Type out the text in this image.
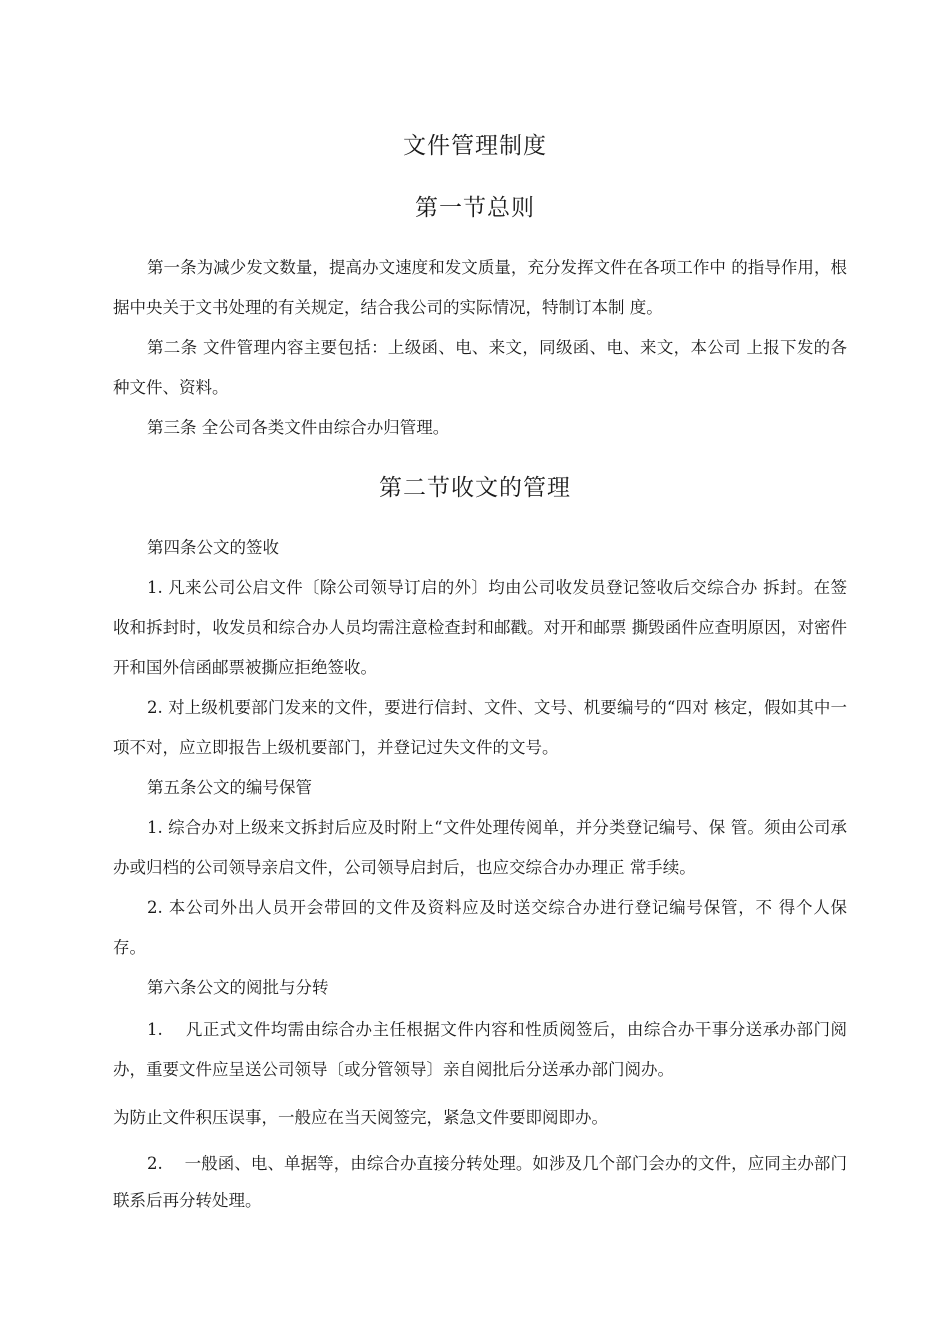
文件管理制度
第一节总则
第一条为减少发文数量，提高办文速度和发文质量，充分发挥文件在各项工作中 的指导作用，根据中央关于文书处理的有关规定，结合我公司的实际情况，特制订本制 度。
第二条 文件管理内容主要包括：上级函、电、来文，同级函、电、来文，本公司 上报下发的各种文件、资料。
第三条 全公司各类文件由综合办归管理。
第二节收文的管理
第四条公文的签收
1. 凡来公司公启文件〔除公司领导订启的外〕均由公司收发员登记签收后交综合办 拆封。在签收和拆封时，收发员和综合办人员均需注意检查封和邮戳。对开和邮票 撕毁函件应查明原因，对密件开和国外信函邮票被撕应拒绝签收。
2. 对上级机要部门发来的文件，要进行信封、文件、文号、机要编号的“四对 核定，假如其中一项不对，应立即报告上级机要部门，并登记过失文件的文号。
第五条公文的编号保管
1. 综合办对上级来文拆封后应及时附上“文件处理传阅单，并分类登记编号、保 管。须由公司承办或归档的公司领导亲启文件，公司领导启封后，也应交综合办办理正 常手续。
2. 本公司外出人员开会带回的文件及资料应及时送交综合办进行登记编号保管，不 得个人保存。
第六条公文的阅批与分转
1.　 凡正式文件均需由综合办主任根据文件内容和性质阅签后，由综合办干事分送承办部门阅办，重要文件应呈送公司领导〔或分管领导〕亲自阅批后分送承办部门阅办。
为防止文件积压误事，一般应在当天阅签完，紧急文件要即阅即办。
2.　 一般函、电、单据等，由综合办直接分转处理。如涉及几个部门会办的文件，应同主办部门联系后再分转处理。
